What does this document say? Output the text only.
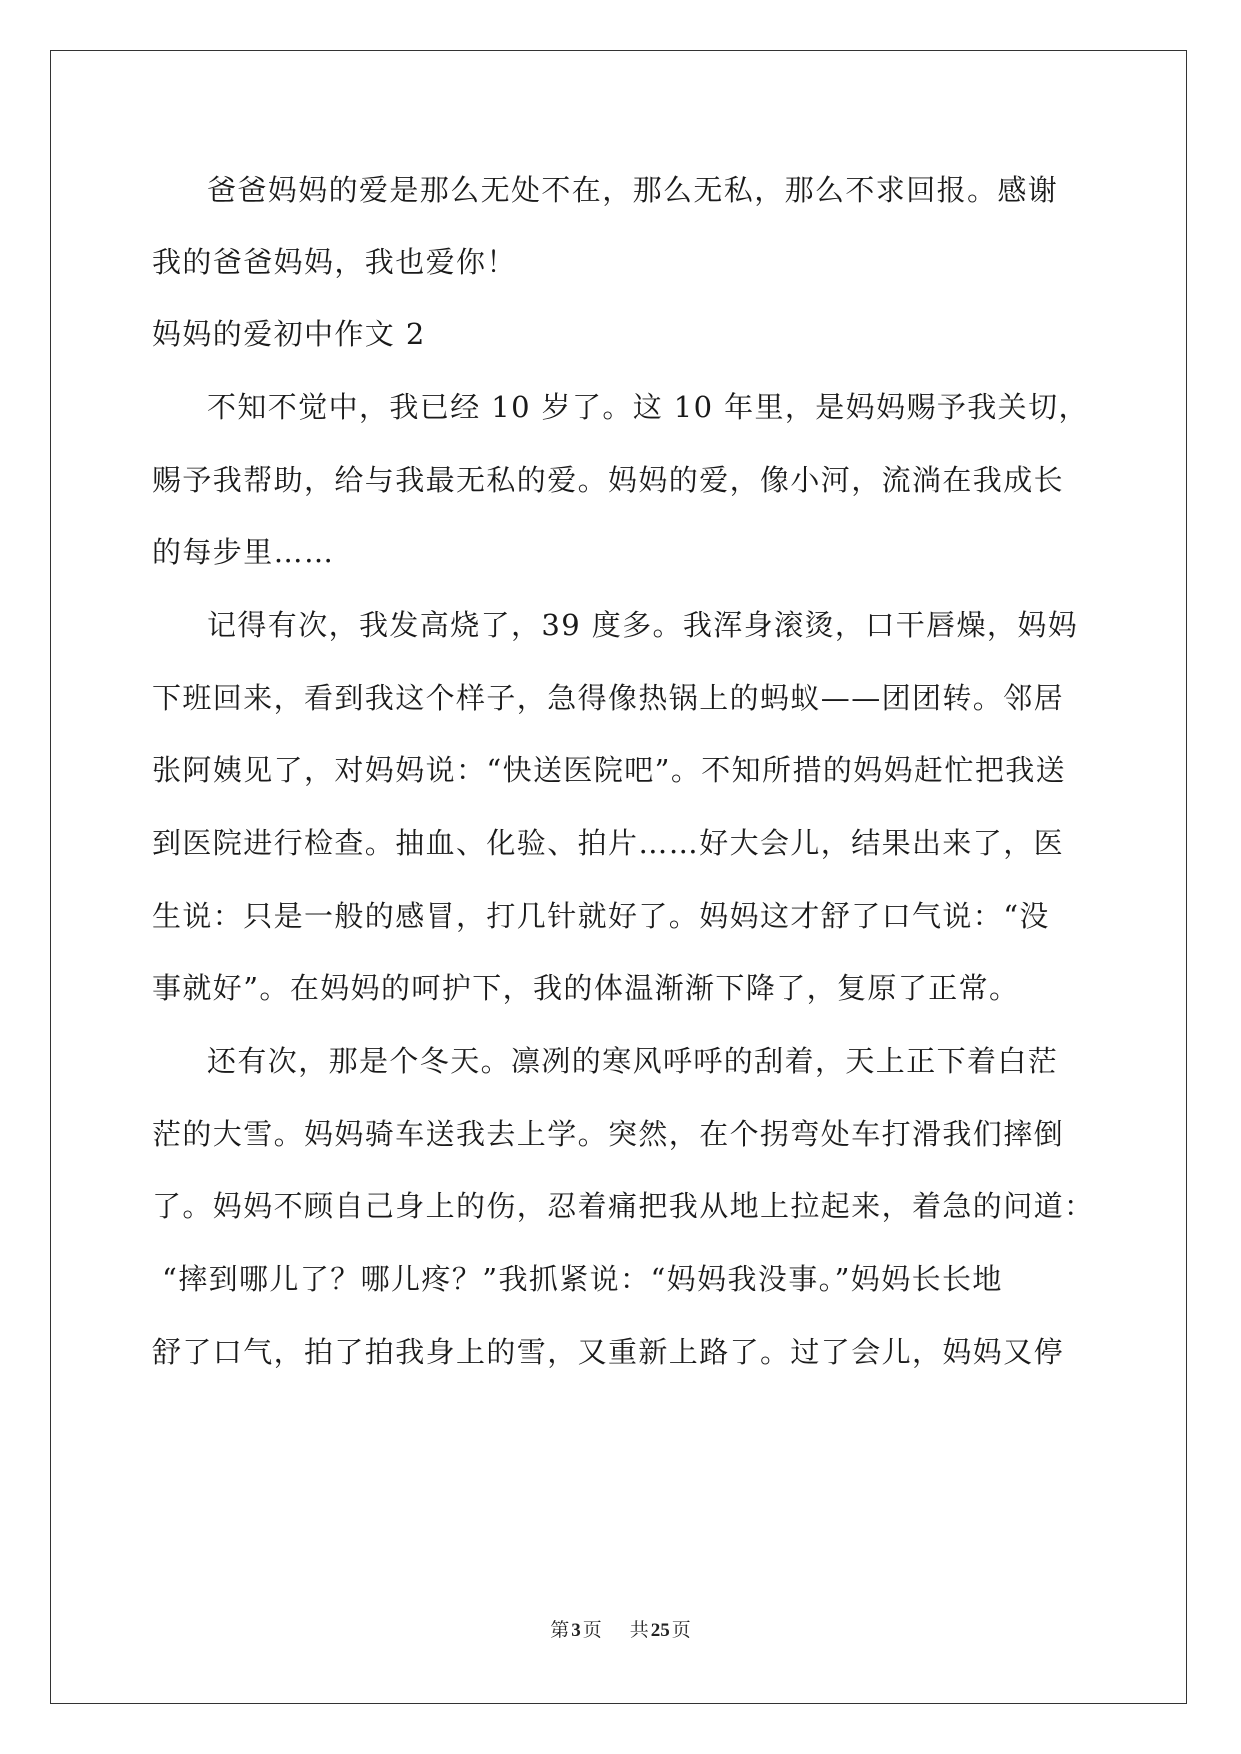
爸爸妈妈的爱是那么无处不在，那么无私，那么不求回报。感谢
我的爸爸妈妈，我也爱你！
妈妈的爱初中作文 2
不知不觉中，我已经 10 岁了。这 10 年里，是妈妈赐予我关切，
赐予我帮助，给与我最无私的爱。妈妈的爱，像小河，流淌在我成长
的每步里……
记得有次，我发高烧了，39 度多。我浑身滚烫，口干唇燥，妈妈
下班回来，看到我这个样子，急得像热锅上的蚂蚁——团团转。邻居
张阿姨见了，对妈妈说：“快送医院吧”。不知所措的妈妈赶忙把我送
到医院进行检查。抽血、化验、拍片……好大会儿，结果出来了，医
生说：只是一般的感冒，打几针就好了。妈妈这才舒了口气说：“没
事就好”。在妈妈的呵护下，我的体温渐渐下降了，复原了正常。
还有次，那是个冬天。凛冽的寒风呼呼的刮着，天上正下着白茫
茫的大雪。妈妈骑车送我去上学。突然，在个拐弯处车打滑我们摔倒
了。妈妈不顾自己身上的伤，忍着痛把我从地上拉起来，着急的问道：
“摔到哪儿了？哪儿疼？”我抓紧说：“妈妈我没事。”妈妈长长地
舒了口气，拍了拍我身上的雪，又重新上路了。过了会儿，妈妈又停
第 3 页 共 25 页
